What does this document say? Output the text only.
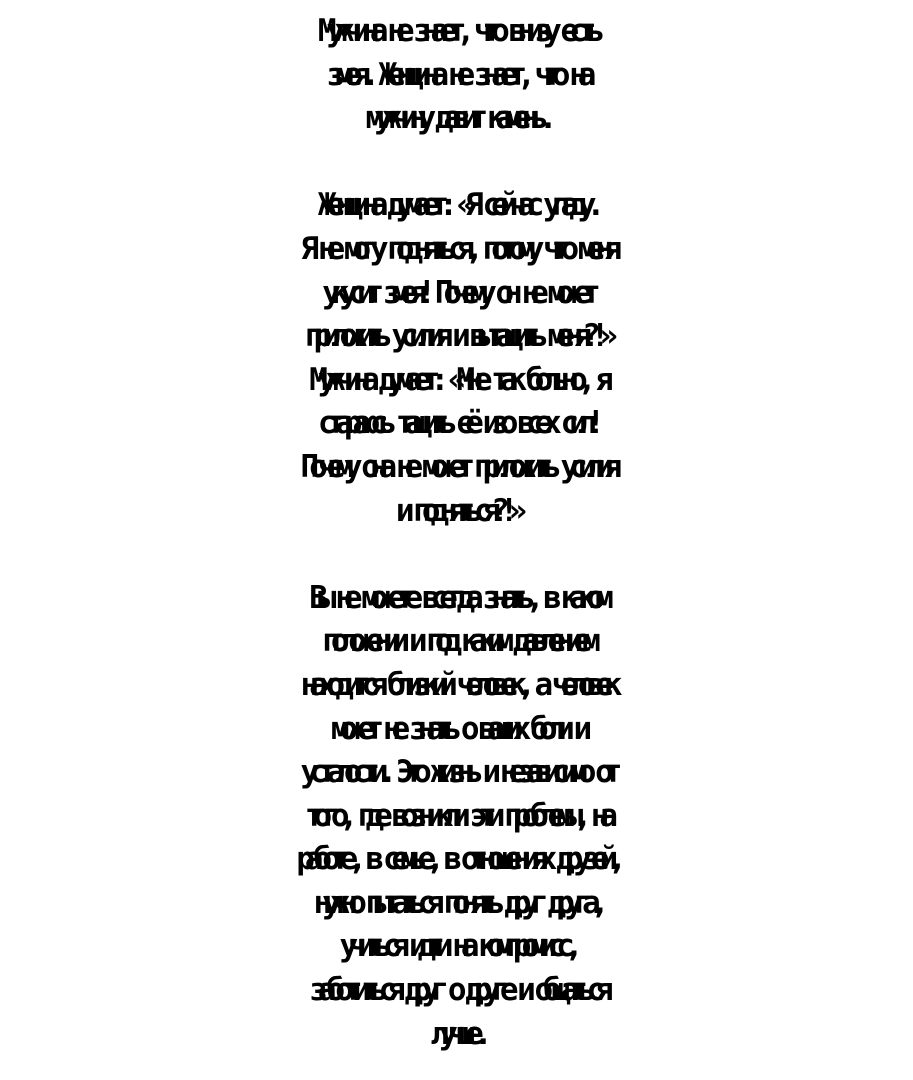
Мужчина не знает, что внизу есть
змея. Женщина не знает, что на
мужчину давит камень.
Женщина думает: «Я сейчас упаду.
Я не могу подняться, потому что меня
укусит змея! Почему он не может
приложить усилия и вытащить меня?!»
Мужчина думает: «Мне так больно, я
стараюсь тащить её изо всех сил!
Почему она не может приложить усилия
и подняться?!»
Вы не можете всегда знать, в каком
положении и под каким давлением
находится близкий человек, а человек
может не знать о ваших боли и
усталости. Это жизнь и независимо от
того, где возникли эти проблемы, на
работе, в семье, в отношениях друзей,
нужно пытаться понять друг друга,
учиться идти на компромисс,
заботиться друг о друге и общаться
лучше.
